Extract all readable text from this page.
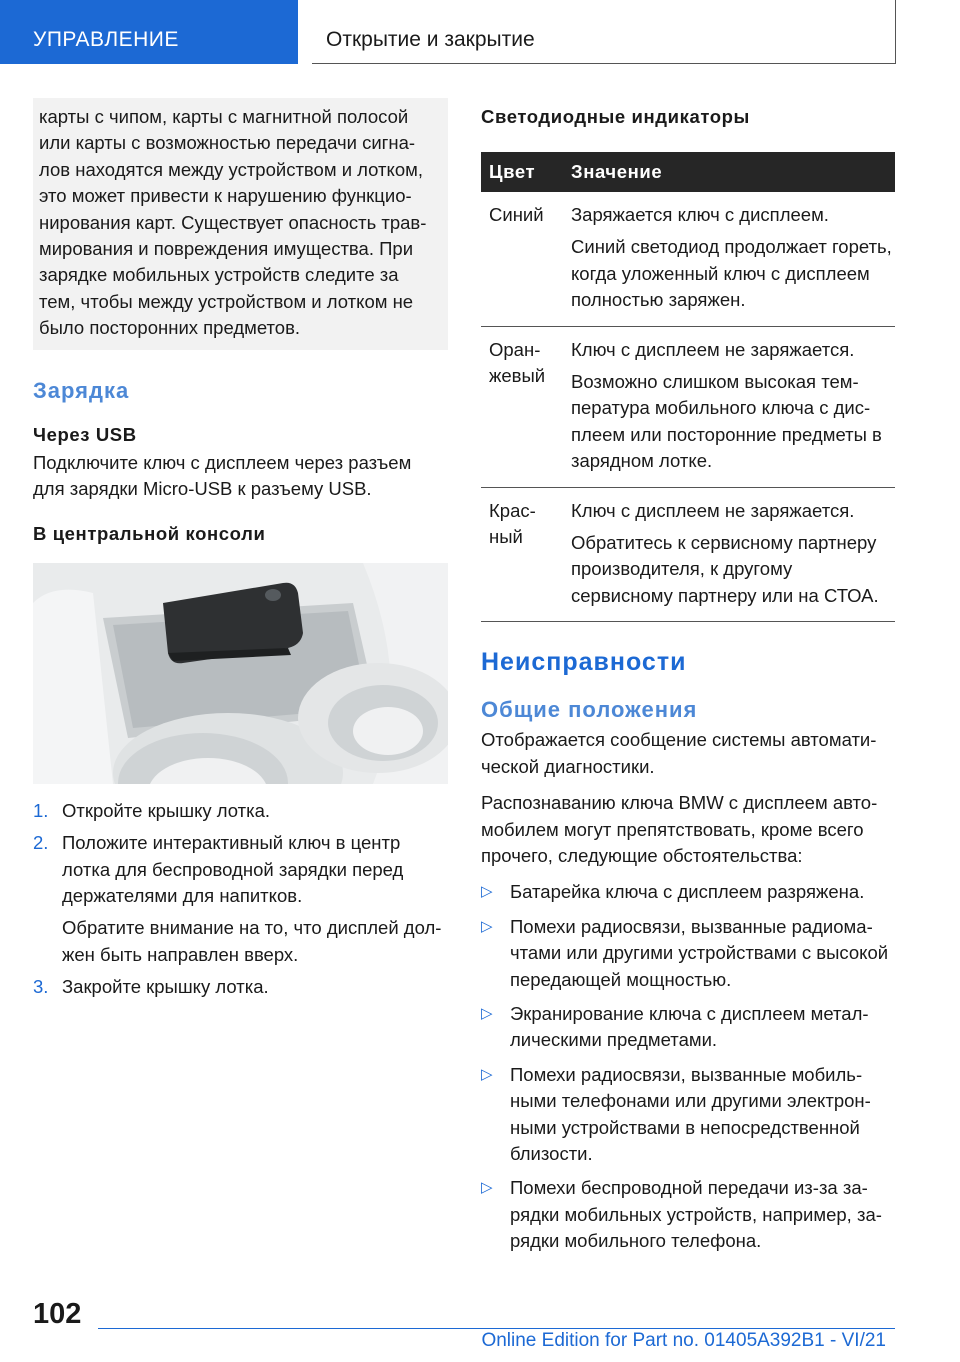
УПРАВЛЕНИЕ	Открытие и закрытие

карты с чипом, карты с магнитной полосой или карты с возможностью передачи сигналов находятся между устройством и лотком, это может привести к нарушению функционирования карт. Существует опасность травмирования и повреждения имущества. При зарядке мобильных устройств следите за тем, чтобы между устройством и лотком не было посторонних предметов.

Зарядка
Через USB

Подключите ключ с дисплеем через разъем для зарядки Micro-USB к разъему USB.

В центральной консоли
1. Откройте крышку лотка.
2. Положите интерактивный ключ в центр лотка для беспроводной зарядки перед держателями для напитков.

Обратите внимание на то, что дисплей должен быть направлен вверх.

3. Закройте крышку лотка.
Светодиодные индикаторы
Цвет	Значение
Синий	Заряжается ключ с дисплеем.

Синий светодиод продолжает гореть, когда уложенный ключ с дисплеем полностью заряжен.

Оранжевый	Ключ с дисплеем не заряжается.

Возможно слишком высокая температура мобильного ключа с дисплеем или посторонние предметы в зарядном лотке.

Красный	Ключ с дисплеем не заряжается.

Обратитесь к сервисному партнеру производителя, к другому сервисному партнеру или на СТОА.

Неисправности
Общие положения

Отображается сообщение системы автоматической диагностики.

Распознаванию ключа BMW с дисплеем автомобилем могут препятствовать, кроме всего прочего, следующие обстоятельства:

▷ Батарейка ключа с дисплеем разряжена.
▷ Помехи радиосвязи, вызванные радиомачтами или другими устройствами с высокой передающей мощностью.
▷ Экранирование ключа с дисплеем металлическими предметами.
▷ Помехи радиосвязи, вызванные мобильными телефонами или другими электронными устройствами в непосредственной близости.
▷ Помехи беспроводной передачи из-за зарядки мобильных устройств, например, зарядки мобильного телефона.
102
Online Edition for Part no. 01405A392B1 - VI/21
